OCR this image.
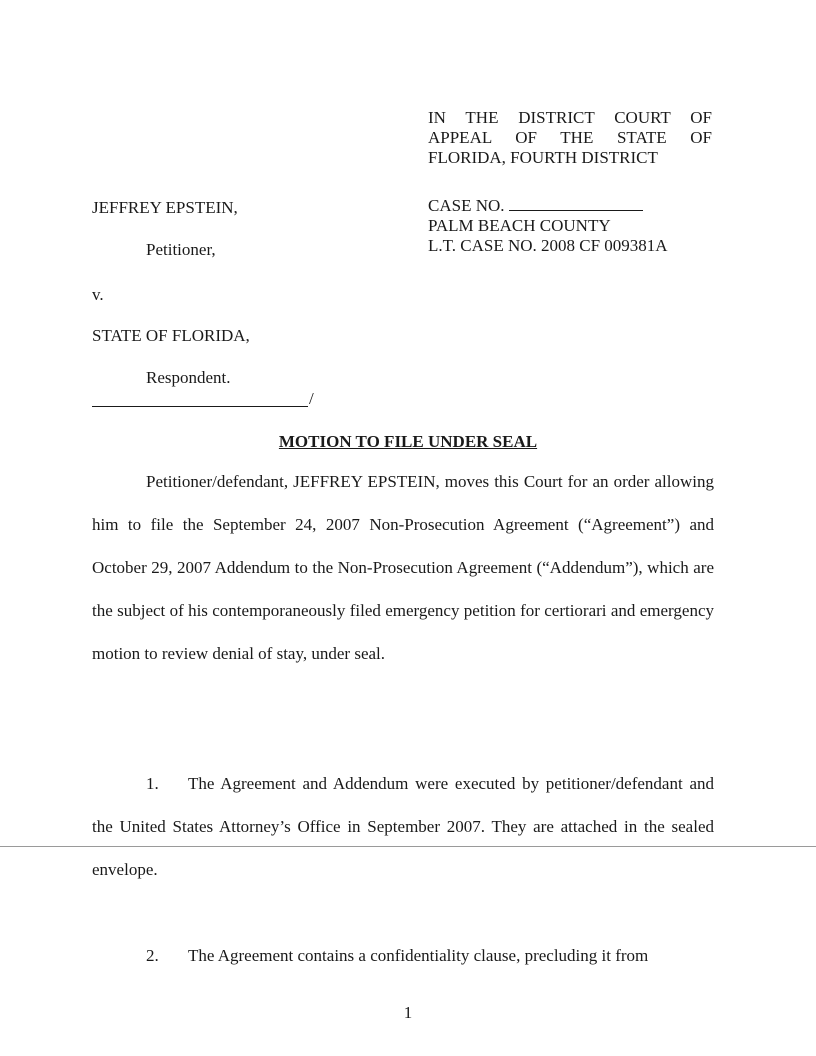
IN THE DISTRICT COURT OF
APPEAL OF THE STATE OF
FLORIDA, FOURTH DISTRICT
CASE NO.
PALM BEACH COUNTY
L.T. CASE NO. 2008 CF 009381A
JEFFREY EPSTEIN,
Petitioner,
v.
STATE OF FLORIDA,
Respondent.
/
MOTION TO FILE UNDER SEAL
Petitioner/defendant, JEFFREY EPSTEIN, moves this Court for an order allowing him to file the September 24, 2007 Non-Prosecution Agreement (“Agreement”) and October 29, 2007 Addendum to the Non-Prosecution Agreement (“Addendum”), which are the subject of his contemporaneously filed emergency petition for certiorari and emergency motion to review denial of stay, under seal.
1. The Agreement and Addendum were executed by petitioner/defendant and the United States Attorney’s Office in September 2007. They are attached in the sealed envelope.
2. The Agreement contains a confidentiality clause, precluding it from
1
